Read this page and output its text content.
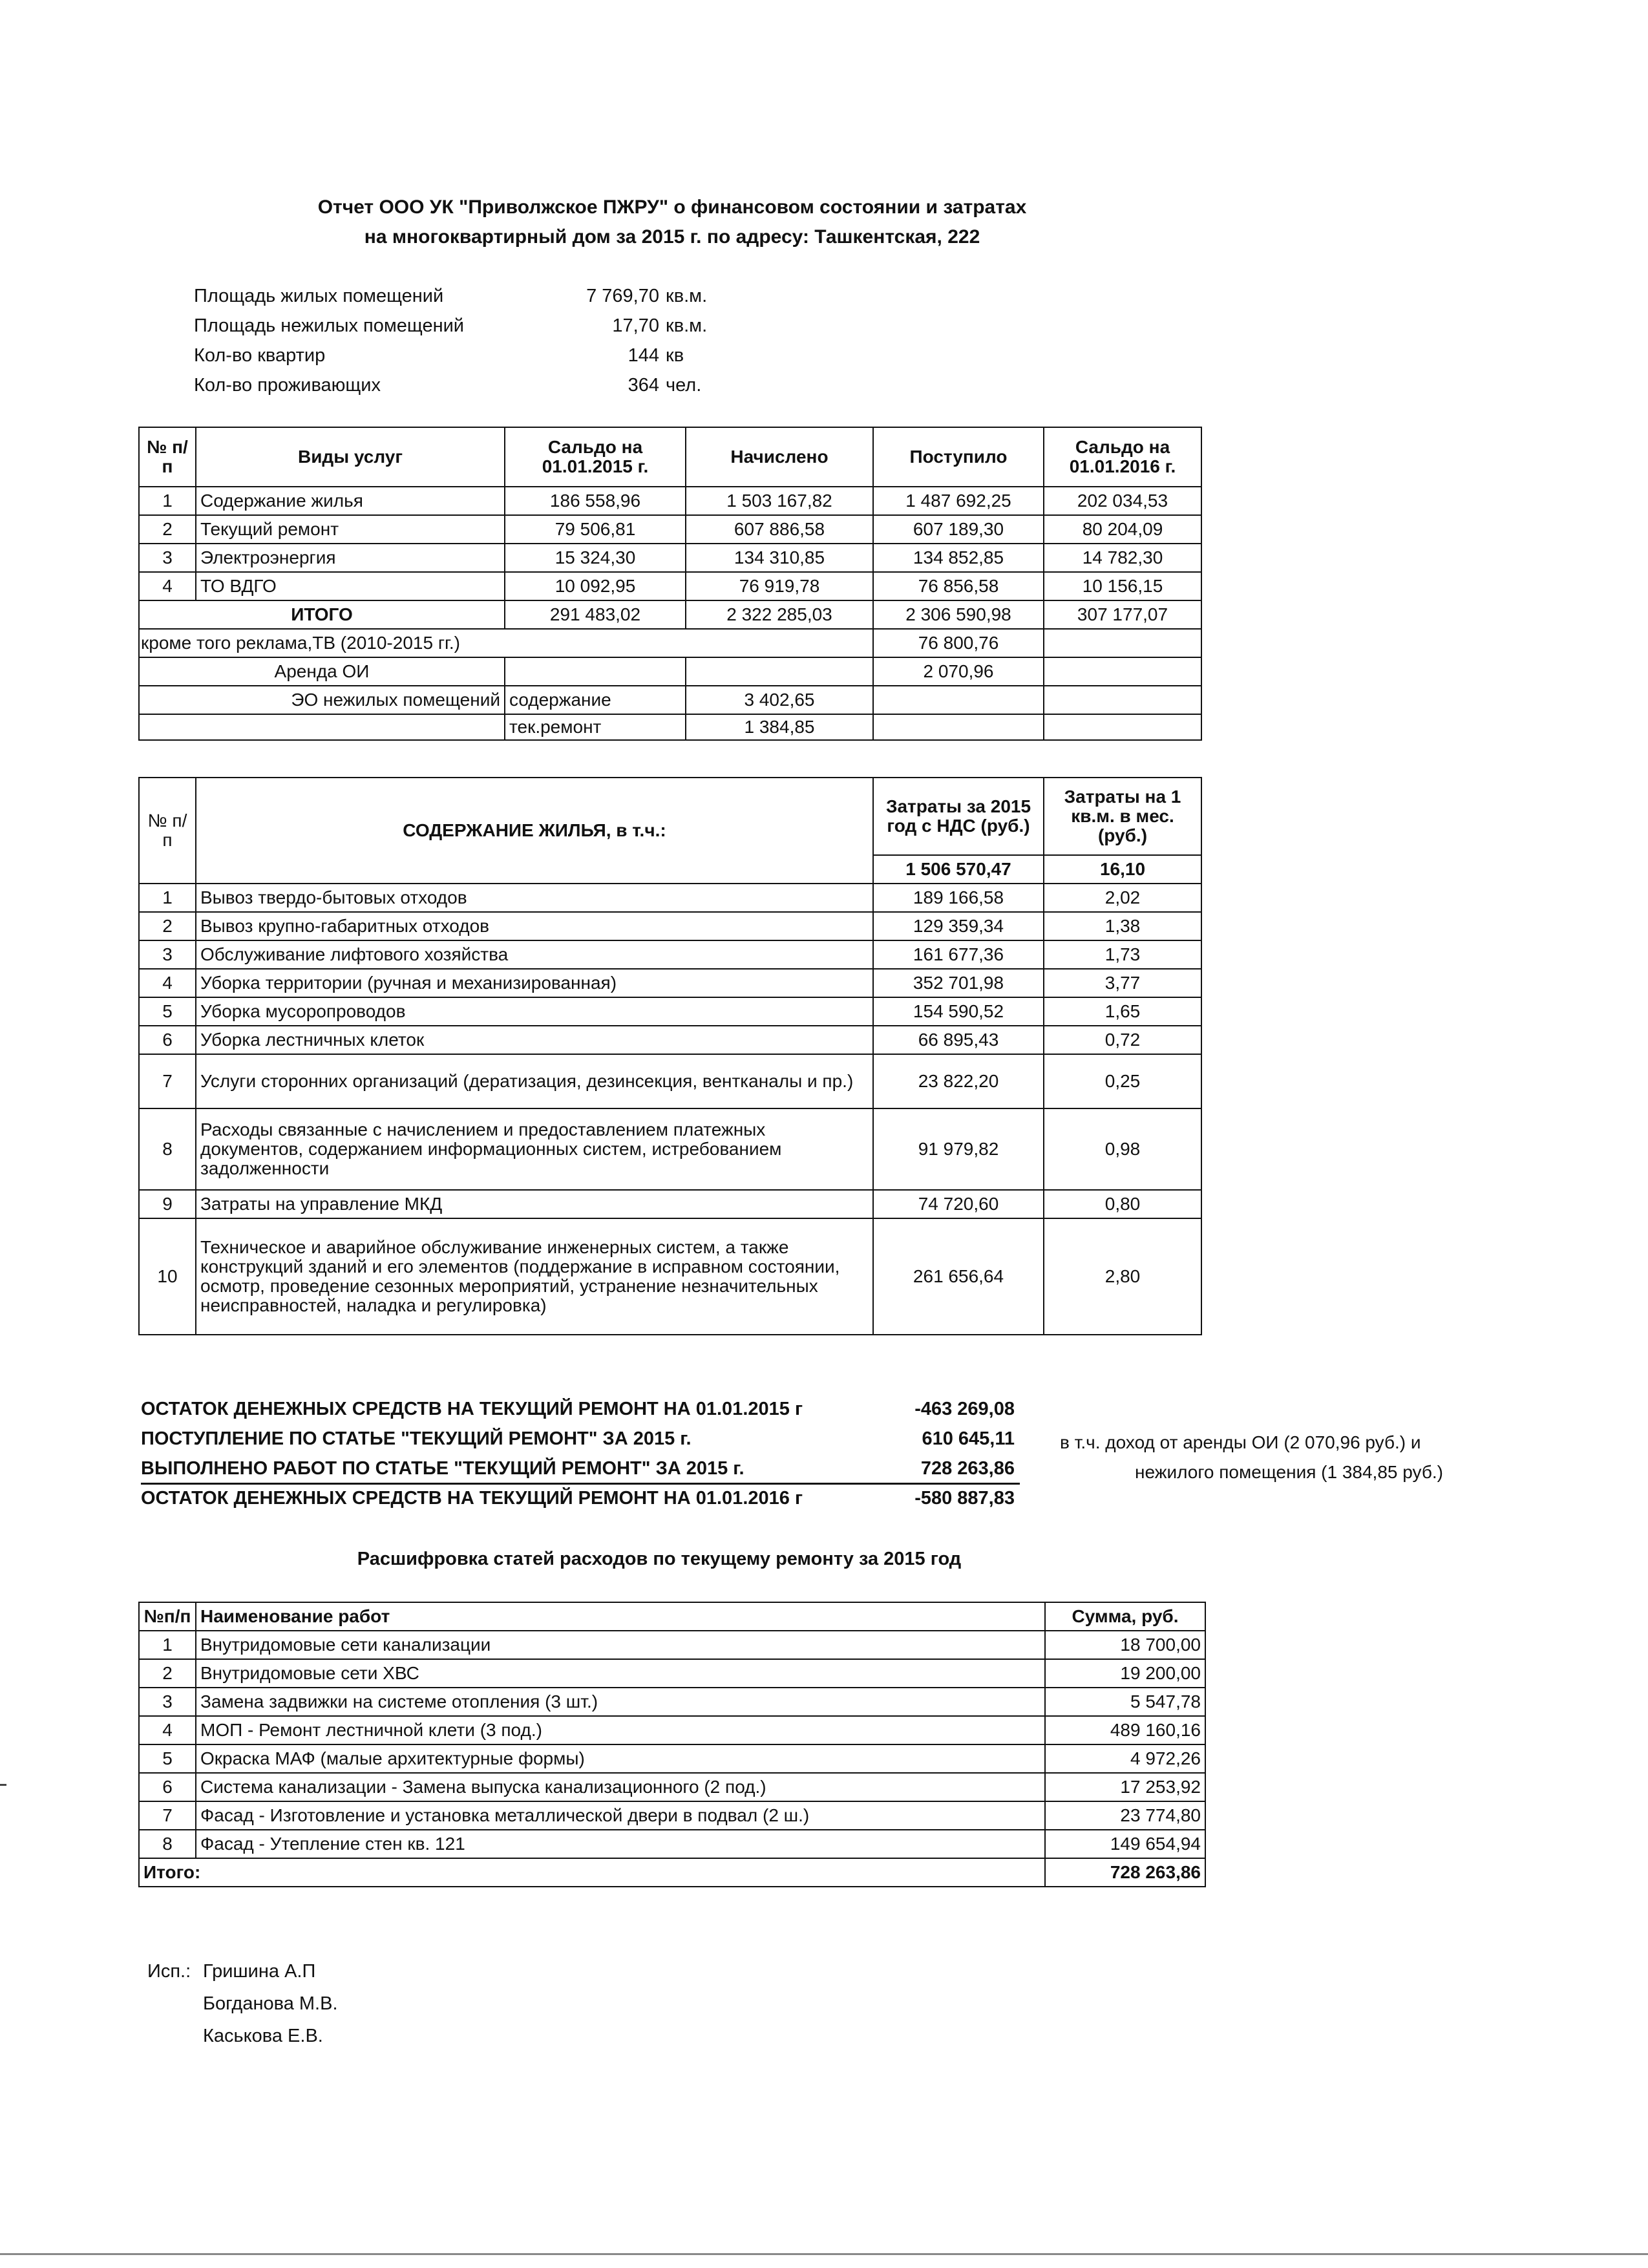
Отчет ООО УК "Приволжское ПЖРУ" о финансовом состоянии и затратах
на многоквартирный дом за 2015 г. по адресу: Ташкентская, 222
Площадь жилых помещений	7 769,70 кв.м.
Площадь нежилых помещений	17,70 кв.м.
Кол-во квартир	144 кв
Кол-во проживающих	364 чел.
№ п/п	Виды услуг	Сальдо на 01.01.2015 г.	Начислено	Поступило	Сальдо на 01.01.2016 г.
1	Содержание жилья	186 558,96	1 503 167,82	1 487 692,25	202 034,53
2	Текущий ремонт	79 506,81	607 886,58	607 189,30	80 204,09
3	Электроэнергия	15 324,30	134 310,85	134 852,85	14 782,30
4	ТО ВДГО	10 092,95	76 919,78	76 856,58	10 156,15
ИТОГО		291 483,02	2 322 285,03	2 306 590,98	307 177,07
кроме того реклама,ТВ (2010-2015 гг.)				76 800,76	
Аренда ОИ				2 070,96	
ЭО нежилых помещений		содержание	3 402,65		
		тек.ремонт	1 384,85		
№ п/п	СОДЕРЖАНИЕ ЖИЛЬЯ, в т.ч.:	Затраты за 2015 год с НДС (руб.)	Затраты на 1 кв.м. в мес. (руб.)
		1 506 570,47	16,10
1	Вывоз твердо-бытовых отходов	189 166,58	2,02
2	Вывоз крупно-габаритных отходов	129 359,34	1,38
3	Обслуживание лифтового хозяйства	161 677,36	1,73
4	Уборка территории (ручная и механизированная)	352 701,98	3,77
5	Уборка мусоропроводов	154 590,52	1,65
6	Уборка лестничных клеток	66 895,43	0,72
7	Услуги сторонних организаций (дератизация, дезинсекция, вентканалы и пр.)	23 822,20	0,25
8	Расходы связанные с начислением и предоставлением платежных документов, содержанием информационных систем, истребованием задолженности	91 979,82	0,98
9	Затраты на управление МКД	74 720,60	0,80
10	Техническое и аварийное обслуживание инженерных систем, а также конструкций зданий и его элементов (поддержание в исправном состоянии, осмотр, проведение сезонных мероприятий, устранение незначительных неисправностей, наладка и регулировка)	261 656,64	2,80
ОСТАТОК ДЕНЕЖНЫХ СРЕДСТВ НА ТЕКУЩИЙ РЕМОНТ НА 01.01.2015 г	-463 269,08
ПОСТУПЛЕНИЕ ПО СТАТЬЕ "ТЕКУЩИЙ РЕМОНТ" ЗА 2015 г.	610 645,11
ВЫПОЛНЕНО РАБОТ ПО СТАТЬЕ "ТЕКУЩИЙ РЕМОНТ" ЗА 2015 г.	728 263,86
ОСТАТОК ДЕНЕЖНЫХ СРЕДСТВ НА ТЕКУЩИЙ РЕМОНТ НА 01.01.2016 г	-580 887,83
в т.ч. доход от аренды ОИ (2 070,96 руб.) и
нежилого помещения (1 384,85 руб.)
Расшифровка статей расходов по текущему ремонту за 2015 год
№п/п	Наименование работ	Сумма, руб.
1	Внутридомовые сети канализации	18 700,00
2	Внутридомовые сети ХВС	19 200,00
3	Замена задвижки на системе отопления (3 шт.)	5 547,78
4	МОП - Ремонт лестничной клети (3 под.)	489 160,16
5	Окраска МАФ (малые архитектурные формы)	4 972,26
6	Система канализации - Замена выпуска канализационного (2 под.)	17 253,92
7	Фасад - Изготовление и установка металлической двери в подвал (2 ш.)	23 774,80
8	Фасад - Утепление стен кв. 121	149 654,94
Итого:		728 263,86
Исп.: Гришина А.П
Богданова М.В.
Каськова Е.В.
